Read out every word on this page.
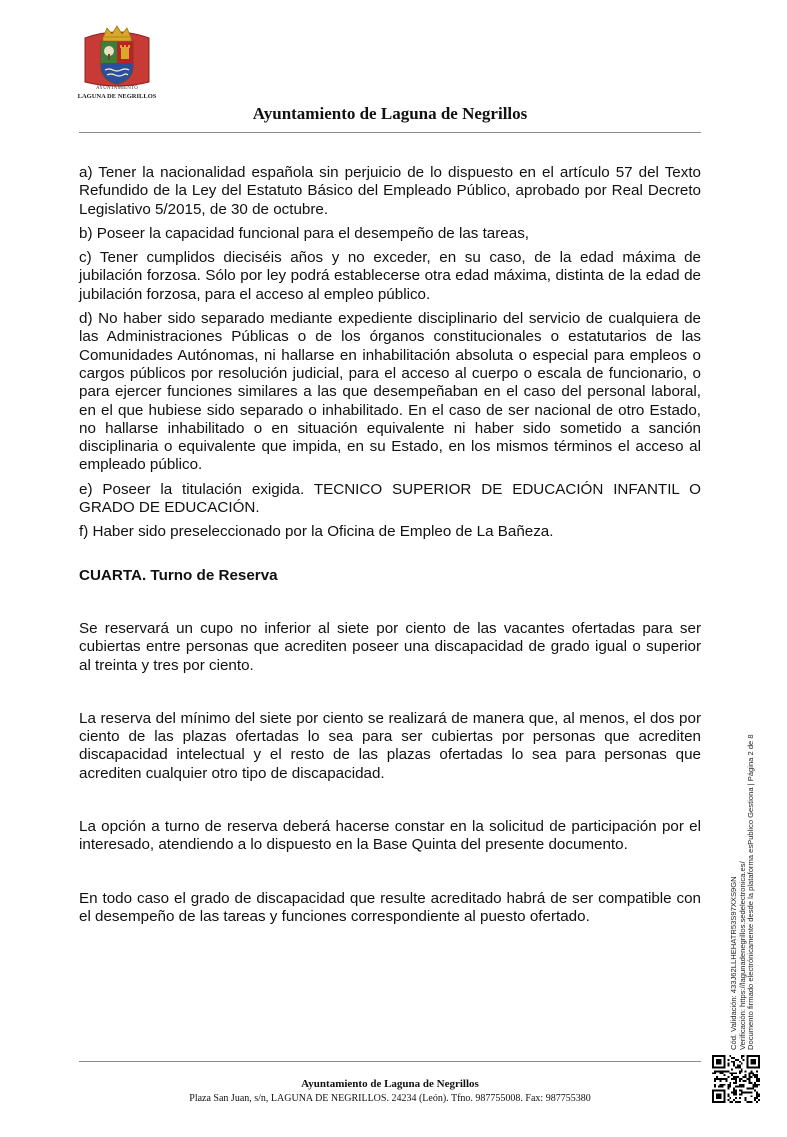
AYUNTAMIENTO
LAGUNA DE NEGRILLOS
Ayuntamiento de Laguna de Negrillos

a) Tener la nacionalidad española sin perjuicio de lo dispuesto en el artículo 57 del Texto Refundido de la Ley del Estatuto Básico del Empleado Público, aprobado por Real Decreto Legislativo 5/2015, de 30 de octubre.

b) Poseer la capacidad funcional para el desempeño de las tareas,

c) Tener cumplidos dieciséis años y no exceder, en su caso, de la edad máxima de jubilación forzosa. Sólo por ley podrá establecerse otra edad máxima, distinta de la edad de jubilación forzosa, para el acceso al empleo público.

d) No haber sido separado mediante expediente disciplinario del servicio de cualquiera de las Administraciones Públicas o de los órganos constitucionales o estatutarios de las Comunidades Autónomas, ni hallarse en inhabilitación absoluta o especial para empleos o cargos públicos por resolución judicial, para el acceso al cuerpo o escala de funcionario, o para ejercer funciones similares a las que desempeñaban en el caso del personal laboral, en el que hubiese sido separado o inhabilitado. En el caso de ser nacional de otro Estado, no hallarse inhabilitado o en situación equivalente ni haber sido sometido a sanción disciplinaria o equivalente que impida, en su Estado, en los mismos términos el acceso al empleado público.

e) Poseer la titulación exigida. TECNICO SUPERIOR DE EDUCACIÓN INFANTIL O GRADO DE EDUCACIÓN.

f) Haber sido preseleccionado por la Oficina de Empleo de La Bañeza.

CUARTA. Turno de Reserva

Se reservará un cupo no inferior al siete por ciento de las vacantes ofertadas para ser cubiertas entre personas que acrediten poseer una discapacidad de grado igual o superior al treinta y tres por ciento.

La reserva del mínimo del siete por ciento se realizará de manera que, al menos, el dos por ciento de las plazas ofertadas lo sea para ser cubiertas por personas que acrediten discapacidad intelectual y el resto de las plazas ofertadas lo sea para personas que acrediten cualquier otro tipo de discapacidad.

La opción a turno de reserva deberá hacerse constar en la solicitud de participación por el interesado, atendiendo a lo dispuesto en la Base Quinta del presente documento.

En todo caso el grado de discapacidad que resulte acreditado habrá de ser compatible con el desempeño de las tareas y funciones correspondiente al puesto ofertado.

Ayuntamiento de Laguna de Negrillos
Plaza San Juan, s/n, LAGUNA DE NEGRILLOS. 24234 (León). Tfno. 987755008. Fax: 987755380
Cód. Validación: 433J62LLHEHATR53S97XXS9GN Verificación: https://lagunadenegrillos.sedelectronica.es/ Documento firmado electrónicamente desde la plataforma esPublico Gestiona | Página 2 de 8
